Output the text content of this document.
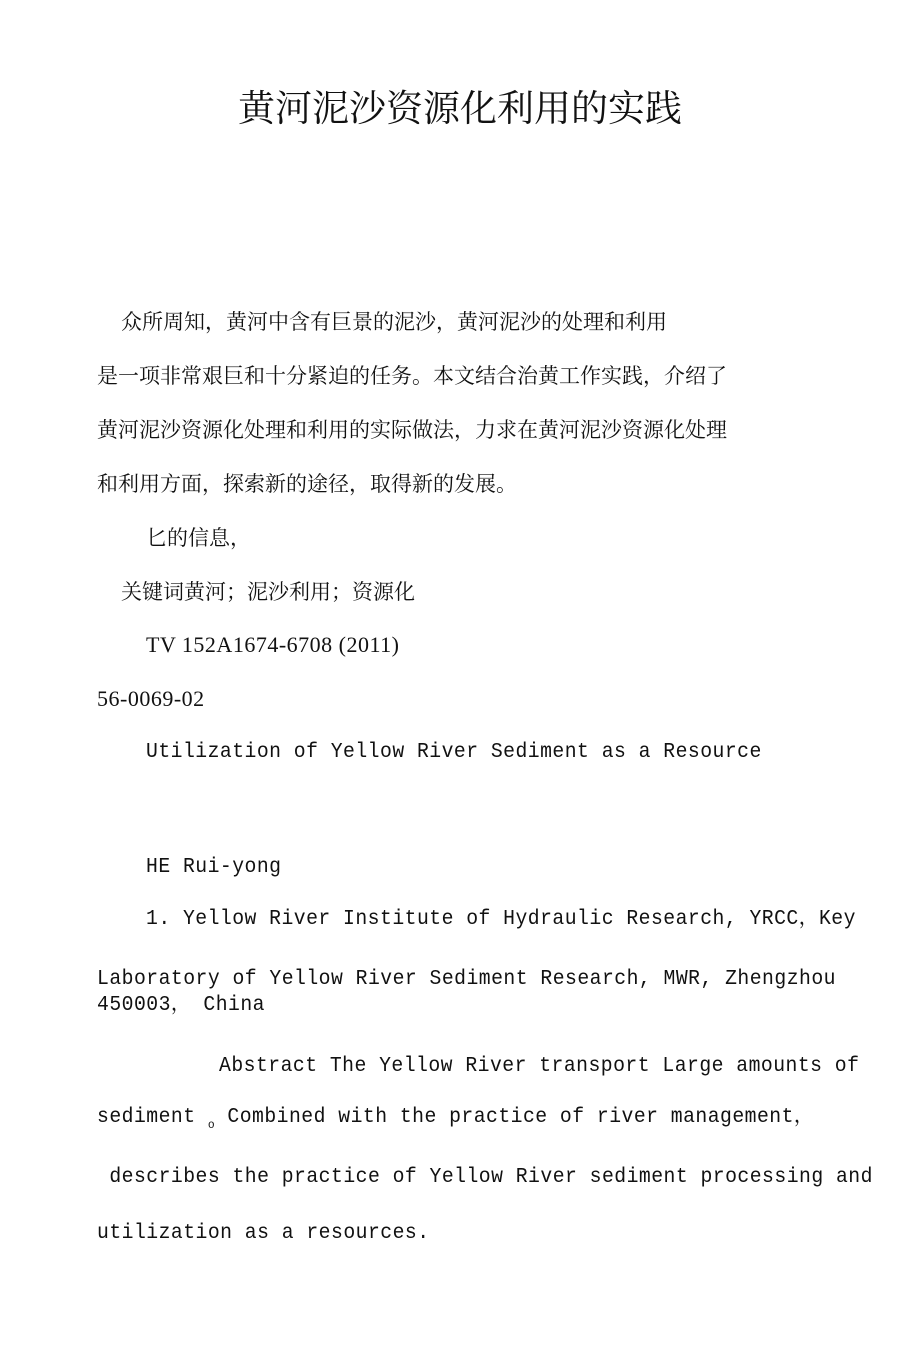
黄河泥沙资源化利用的实践
众所周知，黄河中含有巨景的泥沙，黄河泥沙的处理和利用
是一项非常艰巨和十分紧迫的任务。本文结合治黄工作实践，介绍了
黄河泥沙资源化处理和利用的实际做法，力求在黄河泥沙资源化处理
和利用方面，探索新的途径，取得新的发展。
匕的信息，
关键词黄河；泥沙利用；资源化
TV 152A1674-6708 (2011)
56-0069-02
Utilization of Yellow River Sediment as a Resource
HE Rui-yong
1. Yellow River Institute of Hydraulic Research, YRCC，Key
Laboratory of Yellow River Sediment Research, MWR, Zhengzhou
450003， China
Abstract The Yellow River transport Large amounts of
sediment $_o$ Combined with the practice of river management，
describes the practice of Yellow River sediment processing and
utilization as a resources.
